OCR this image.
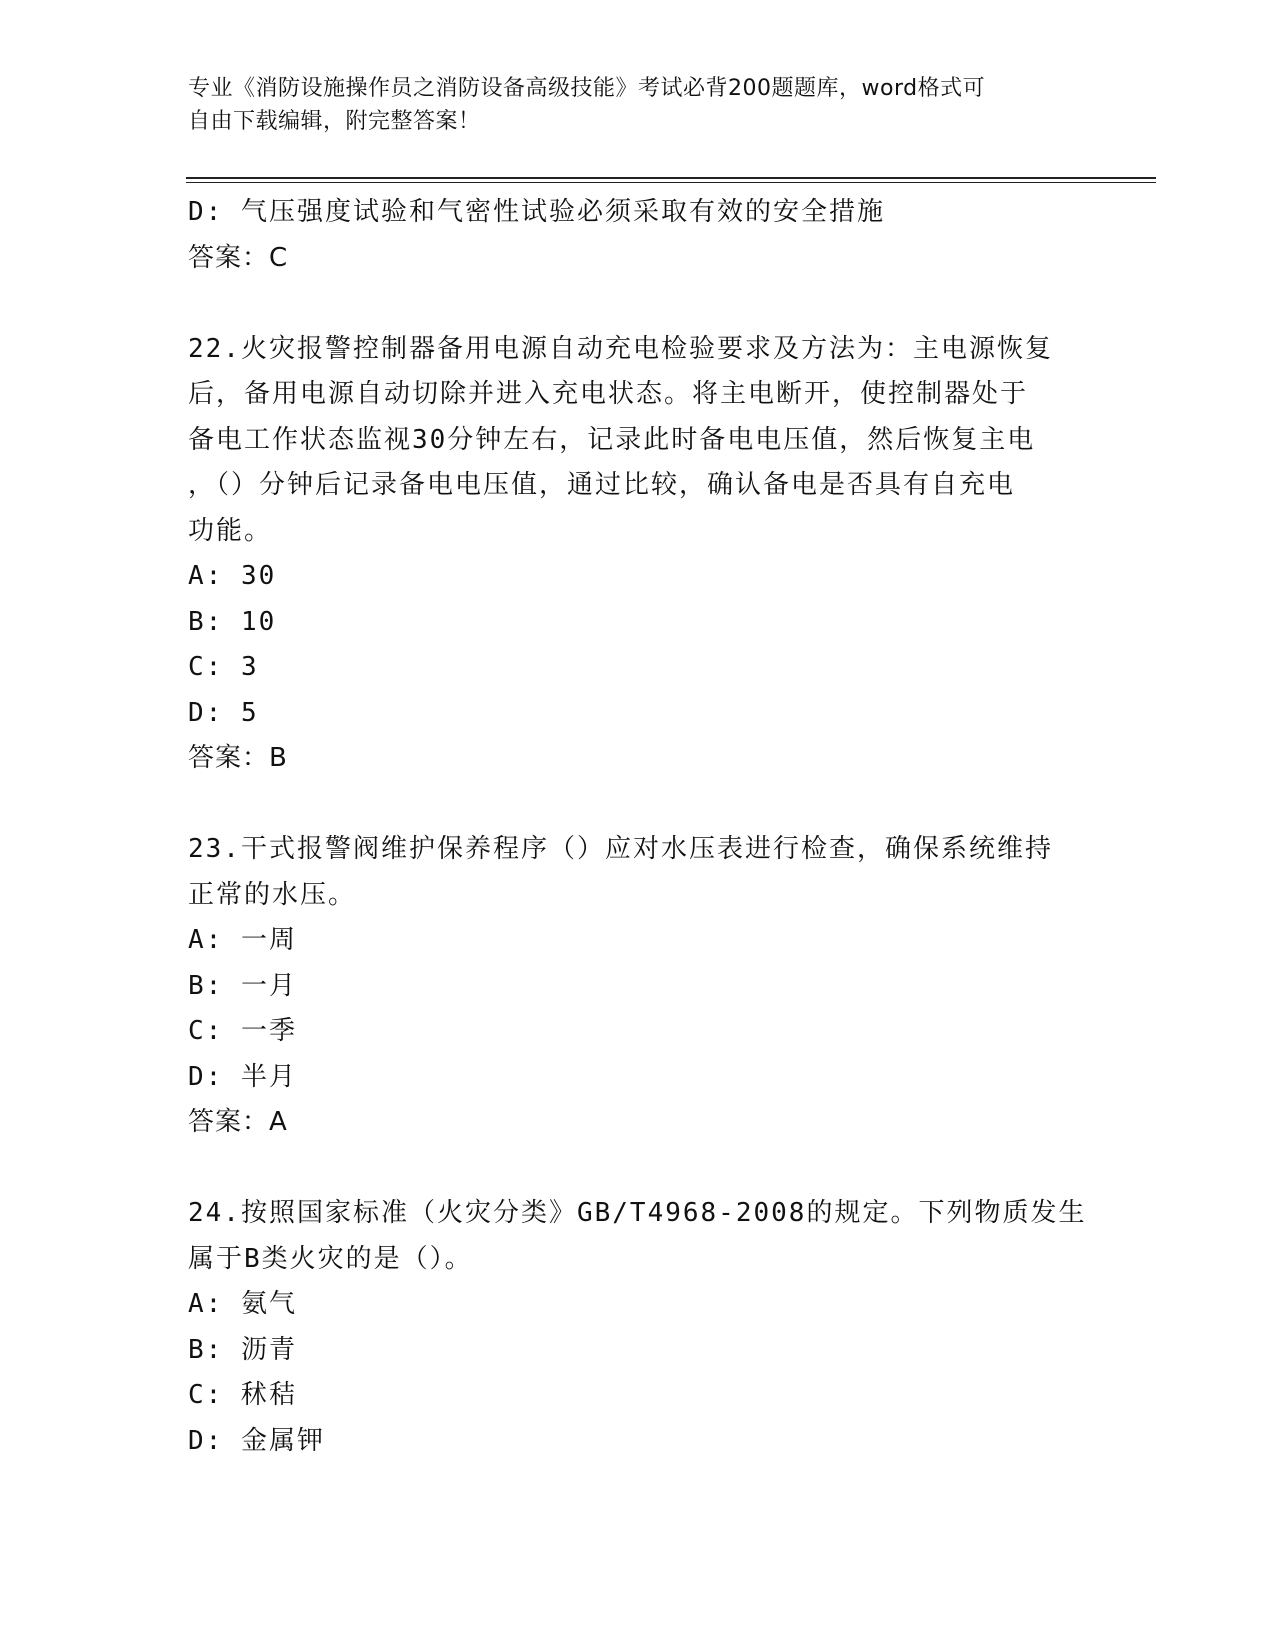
专业《消防设施操作员之消防设备高级技能》考试必背200题题库，word格式可
自由下载编辑，附完整答案！
D: 气压强度试验和气密性试验必须采取有效的安全措施
答案：C
22.火灾报警控制器备用电源自动充电检验要求及方法为：主电源恢复
后，备用电源自动切除并进入充电状态。将主电断开，使控制器处于
备电工作状态监视30分钟左右，记录此时备电电压值，然后恢复主电
，（）分钟后记录备电电压值，通过比较，确认备电是否具有自充电
功能。
A: 30
B: 10
C: 3
D: 5
答案：B
23.干式报警阀维护保养程序（）应对水压表进行检查，确保系统维持
正常的水压。
A: 一周
B: 一月
C: 一季
D: 半月
答案：A
24.按照国家标准（火灾分类》GB/T4968-2008的规定。下列物质发生
属于B类火灾的是（）。
A: 氨气
B: 沥青
C: 秫秸
D: 金属钾
